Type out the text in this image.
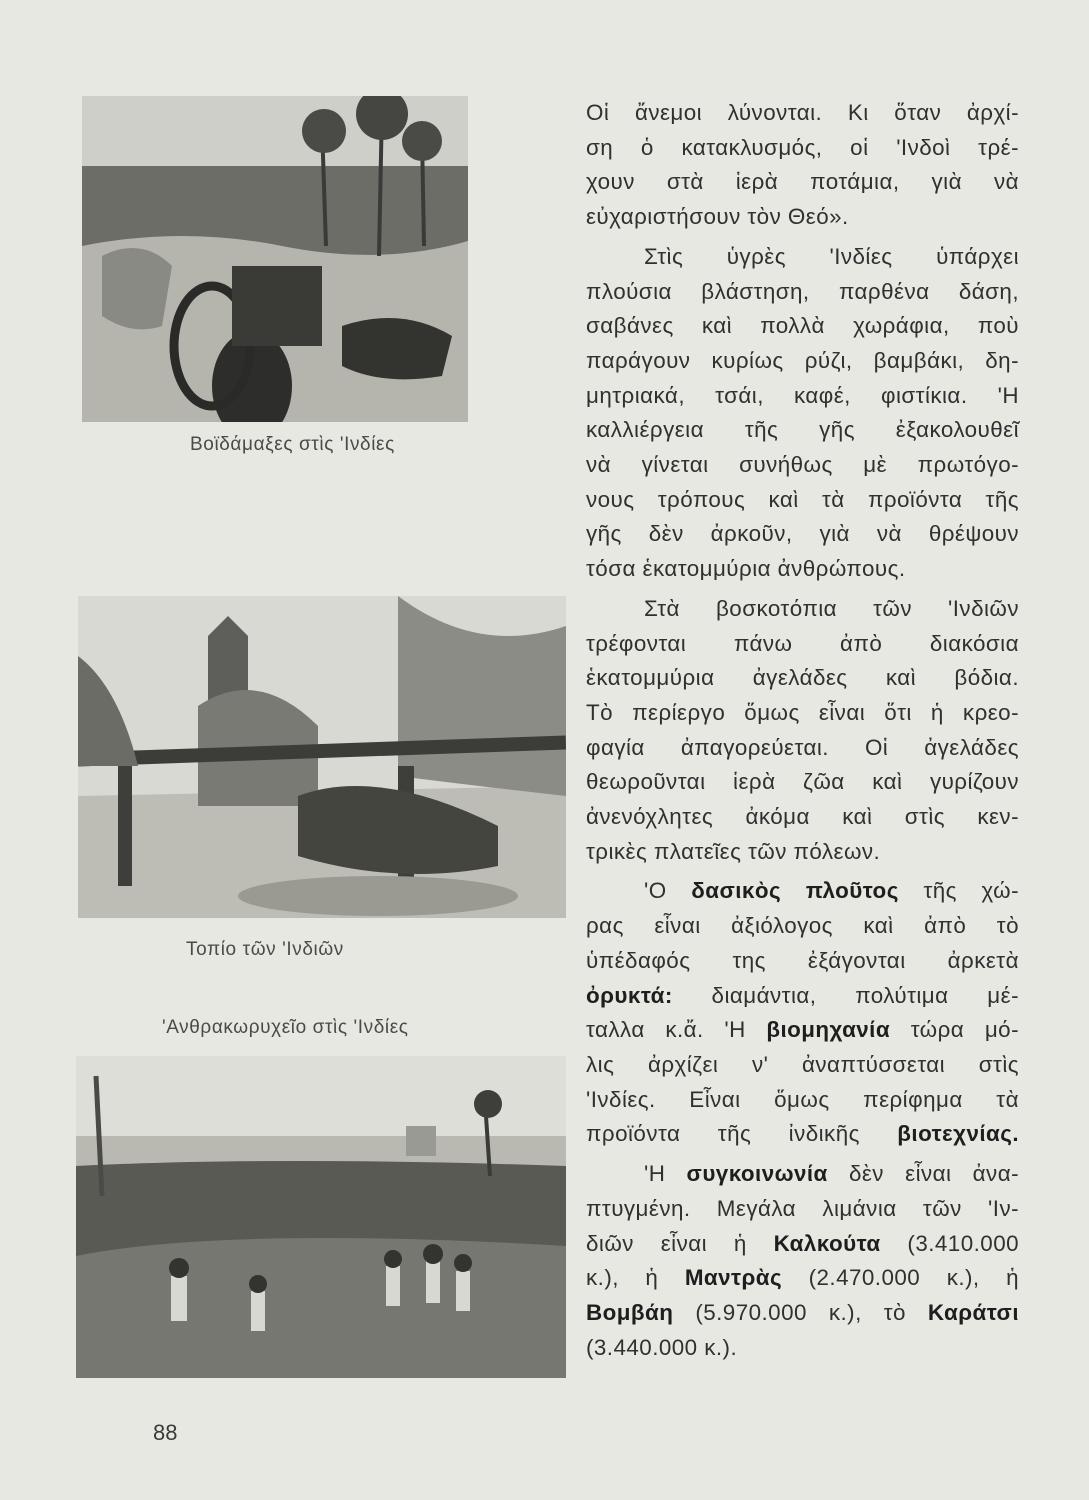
Βοϊδάμαξες στὶς 'Ινδίες
Τοπίο τῶν 'Ινδιῶν
'Ανθρακωρυχεῖο στὶς 'Ινδίες
Οἱ ἄνεμοι λύνονται. Κι ὅταν ἀρχί-
ση ὁ κατακλυσμός, οἱ 'Ινδοὶ τρέ-
χουν στὰ ἱερὰ ποτάμια, γιὰ νὰ
εὐχαριστήσουν τὸν Θεό».
Στὶς ὑγρὲς 'Ινδίες ὑπάρχει
πλούσια βλάστηση, παρθένα δάση,
σαβάνες καὶ πολλὰ χωράφια, ποὺ
παράγουν κυρίως ρύζι, βαμβάκι, δη-
μητριακά, τσάι, καφέ, φιστίκια. 'Η
καλλιέργεια τῆς γῆς ἐξακολουθεῖ
νὰ γίνεται συνήθως μὲ πρωτόγο-
νους τρόπους καὶ τὰ προϊόντα τῆς
γῆς δὲν ἀρκοῦν, γιὰ νὰ θρέψουν
τόσα ἑκατομμύρια ἀνθρώπους.
Στὰ βοσκοτόπια τῶν 'Ινδιῶν
τρέφονται πάνω ἀπὸ διακόσια
ἑκατομμύρια ἀγελάδες καὶ βόδια.
Τὸ περίεργο ὅμως εἶναι ὅτι ἡ κρεο-
φαγία ἀπαγορεύεται. Οἱ ἀγελάδες
θεωροῦνται ἱερὰ ζῶα καὶ γυρίζουν
ἀνενόχλητες ἀκόμα καὶ στὶς κεν-
τρικὲς πλατεῖες τῶν πόλεων.
'Ο δασικὸς πλοῦτος τῆς χώ-
ρας εἶναι ἀξιόλογος καὶ ἀπὸ τὸ
ὑπέδαφός της ἐξάγονται ἀρκετὰ
ὀρυκτά: διαμάντια, πολύτιμα μέ-
ταλλα κ.ἄ. 'Η βιομηχανία τώρα μό-
λις ἀρχίζει ν' ἀναπτύσσεται στὶς
'Ινδίες. Εἶναι ὅμως περίφημα τὰ
προϊόντα τῆς ἰνδικῆς βιοτεχνίας.
'Η συγκοινωνία δὲν εἶναι ἀνα-
πτυγμένη. Μεγάλα λιμάνια τῶν 'Ιν-
διῶν εἶναι ἡ Καλκούτα (3.410.000
κ.), ἡ Μαντρὰς (2.470.000 κ.), ἡ
Βομβάη (5.970.000 κ.), τὸ Καράτσι
(3.440.000 κ.).
88
